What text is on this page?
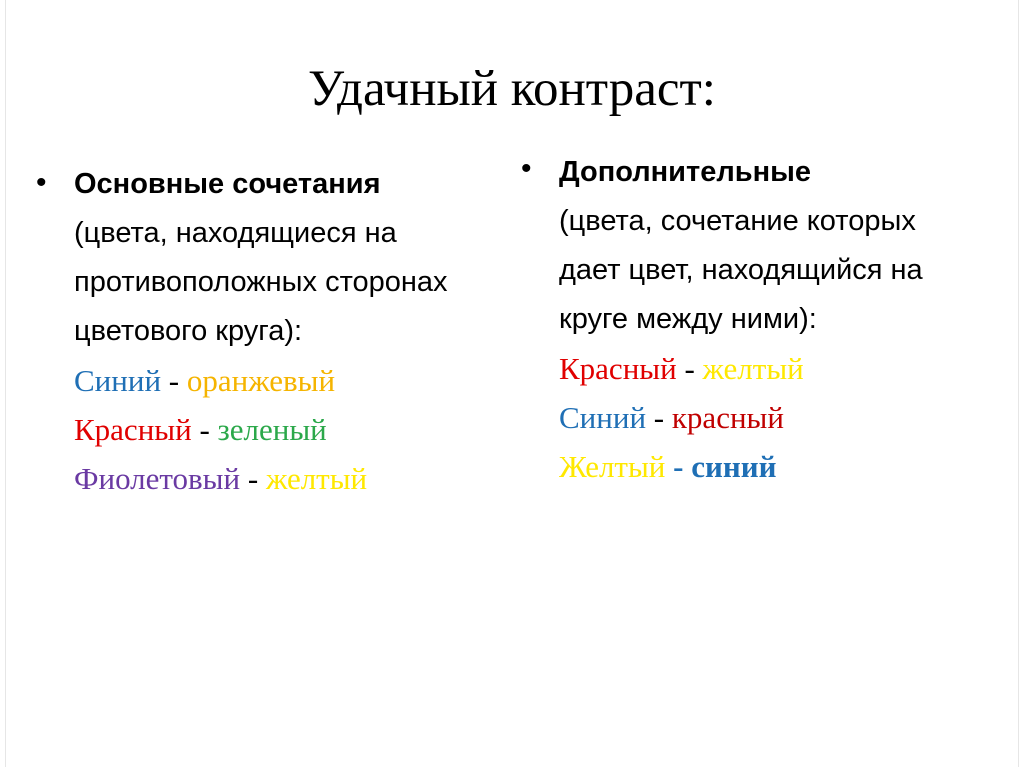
Удачный контраст:
• Основные сочетания
(цвета, находящиеся на противоположных сторонах цветового круга):
Синий - оранжевый
Красный - зеленый
Фиолетовый - желтый
• Дополнительные
(цвета, сочетание которых дает цвет, находящийся на круге между ними):
Красный - желтый
Синий - красный
Желтый - синий
